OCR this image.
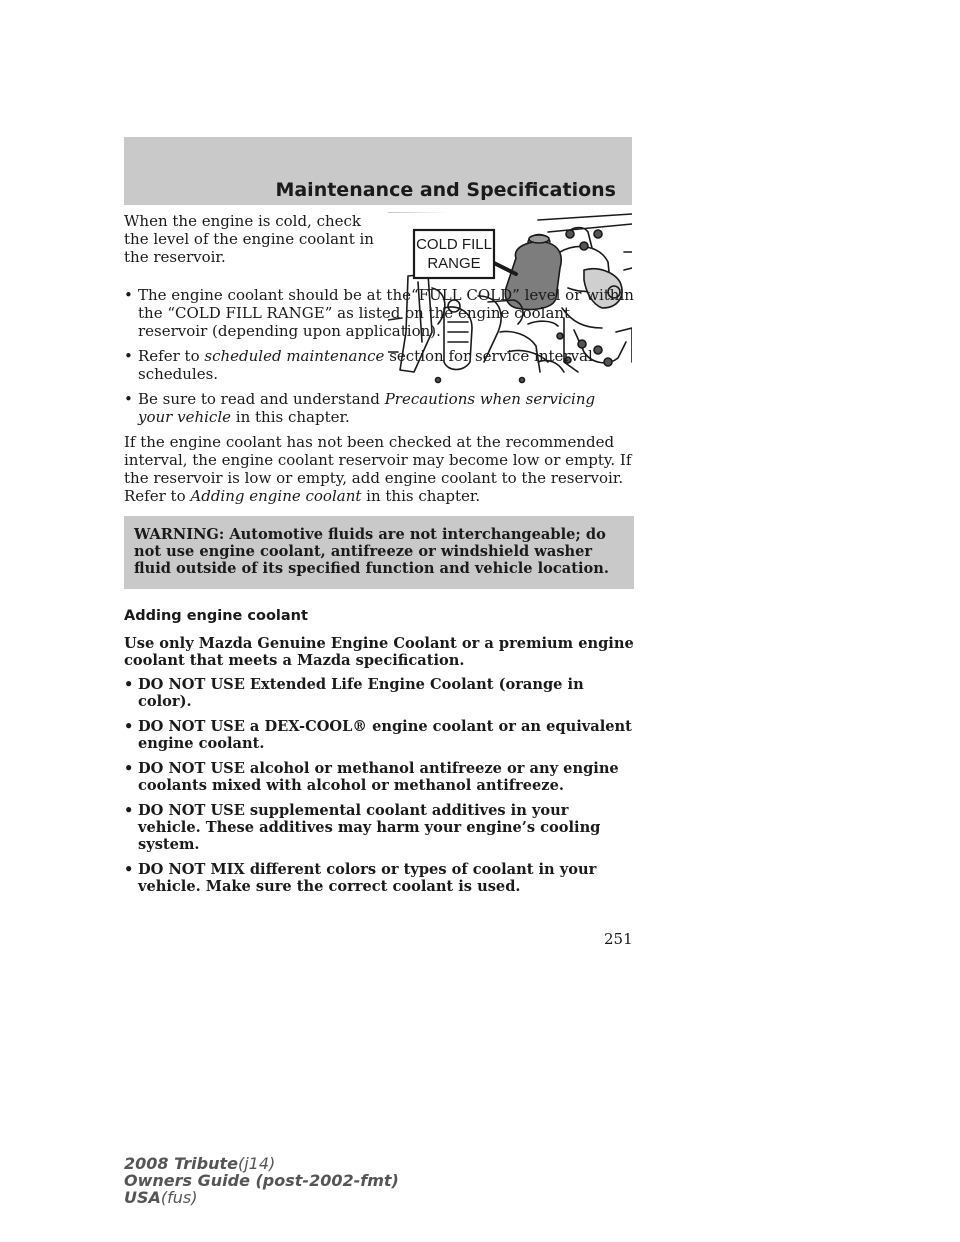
Maintenance and Specifications

When the engine is cold, check the level of the engine coolant in the reservoir.

COLD FILL
RANGE
• The engine coolant should be at the“FULL COLD” level or within the “COLD FILL RANGE” as listed on the engine coolant reservoir (depending upon application).
• Refer to scheduled maintenance section for service interval schedules.
• Be sure to read and understand Precautions when servicing your vehicle in this chapter.

If the engine coolant has not been checked at the recommended interval, the engine coolant reservoir may become low or empty. If the reservoir is low or empty, add engine coolant to the reservoir. Refer to Adding engine coolant in this chapter.

WARNING: Automotive fluids are not interchangeable; do not use engine coolant, antifreeze or windshield washer fluid outside of its specified function and vehicle location.
Adding engine coolant

Use only Mazda Genuine Engine Coolant or a premium engine coolant that meets a Mazda specification.

• DO NOT USE Extended Life Engine Coolant (orange in color).
• DO NOT USE a DEX-COOL® engine coolant or an equivalent engine coolant.
• DO NOT USE alcohol or methanol antifreeze or any engine coolants mixed with alcohol or methanol antifreeze.
• DO NOT USE supplemental coolant additives in your vehicle. These additives may harm your engine’s cooling system.
• DO NOT MIX different colors or types of coolant in your vehicle. Make sure the correct coolant is used.
251
2008 Tribute(j14)
Owners Guide (post-2002-fmt)
USA(fus)
